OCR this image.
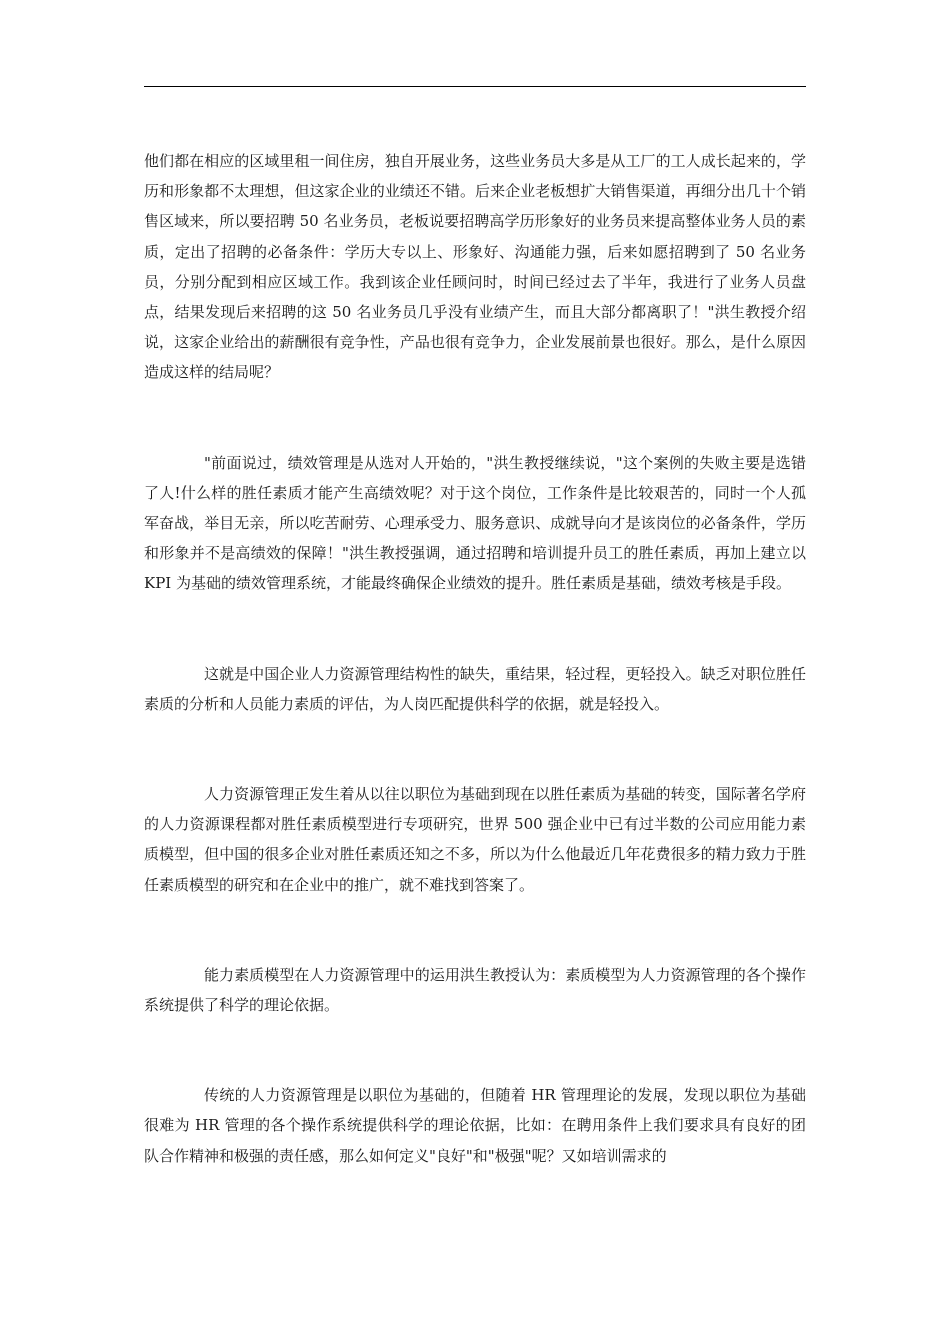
他们都在相应的区域里租一间住房，独自开展业务，这些业务员大多是从工厂的工人成长起来的，学历和形象都不太理想，但这家企业的业绩还不错。后来企业老板想扩大销售渠道，再细分出几十个销售区域来，所以要招聘 50 名业务员，老板说要招聘高学历形象好的业务员来提高整体业务人员的素质，定出了招聘的必备条件：学历大专以上、形象好、沟通能力强，后来如愿招聘到了 50 名业务员，分别分配到相应区域工作。我到该企业任顾问时，时间已经过去了半年，我进行了业务人员盘点，结果发现后来招聘的这 50 名业务员几乎没有业绩产生，而且大部分都离职了！"洪生教授介绍说，这家企业给出的薪酬很有竞争性，产品也很有竞争力，企业发展前景也很好。那么，是什么原因造成这样的结局呢？

"前面说过，绩效管理是从选对人开始的，"洪生教授继续说，"这个案例的失败主要是选错了人!什么样的胜任素质才能产生高绩效呢？对于这个岗位，工作条件是比较艰苦的，同时一个人孤军奋战，举目无亲，所以吃苦耐劳、心理承受力、服务意识、成就导向才是该岗位的必备条件，学历和形象并不是高绩效的保障！"洪生教授强调，通过招聘和培训提升员工的胜任素质，再加上建立以 KPI 为基础的绩效管理系统，才能最终确保企业绩效的提升。胜任素质是基础，绩效考核是手段。

这就是中国企业人力资源管理结构性的缺失，重结果，轻过程，更轻投入。缺乏对职位胜任素质的分析和人员能力素质的评估，为人岗匹配提供科学的依据，就是轻投入。

人力资源管理正发生着从以往以职位为基础到现在以胜任素质为基础的转变，国际著名学府的人力资源课程都对胜任素质模型进行专项研究，世界 500 强企业中已有过半数的公司应用能力素质模型，但中国的很多企业对胜任素质还知之不多，所以为什么他最近几年花费很多的精力致力于胜任素质模型的研究和在企业中的推广，就不难找到答案了。

能力素质模型在人力资源管理中的运用洪生教授认为：素质模型为人力资源管理的各个操作系统提供了科学的理论依据。

传统的人力资源管理是以职位为基础的，但随着 HR 管理理论的发展，发现以职位为基础很难为 HR 管理的各个操作系统提供科学的理论依据，比如：在聘用条件上我们要求具有良好的团队合作精神和极强的责任感，那么如何定义"良好"和"极强"呢？又如培训需求的
